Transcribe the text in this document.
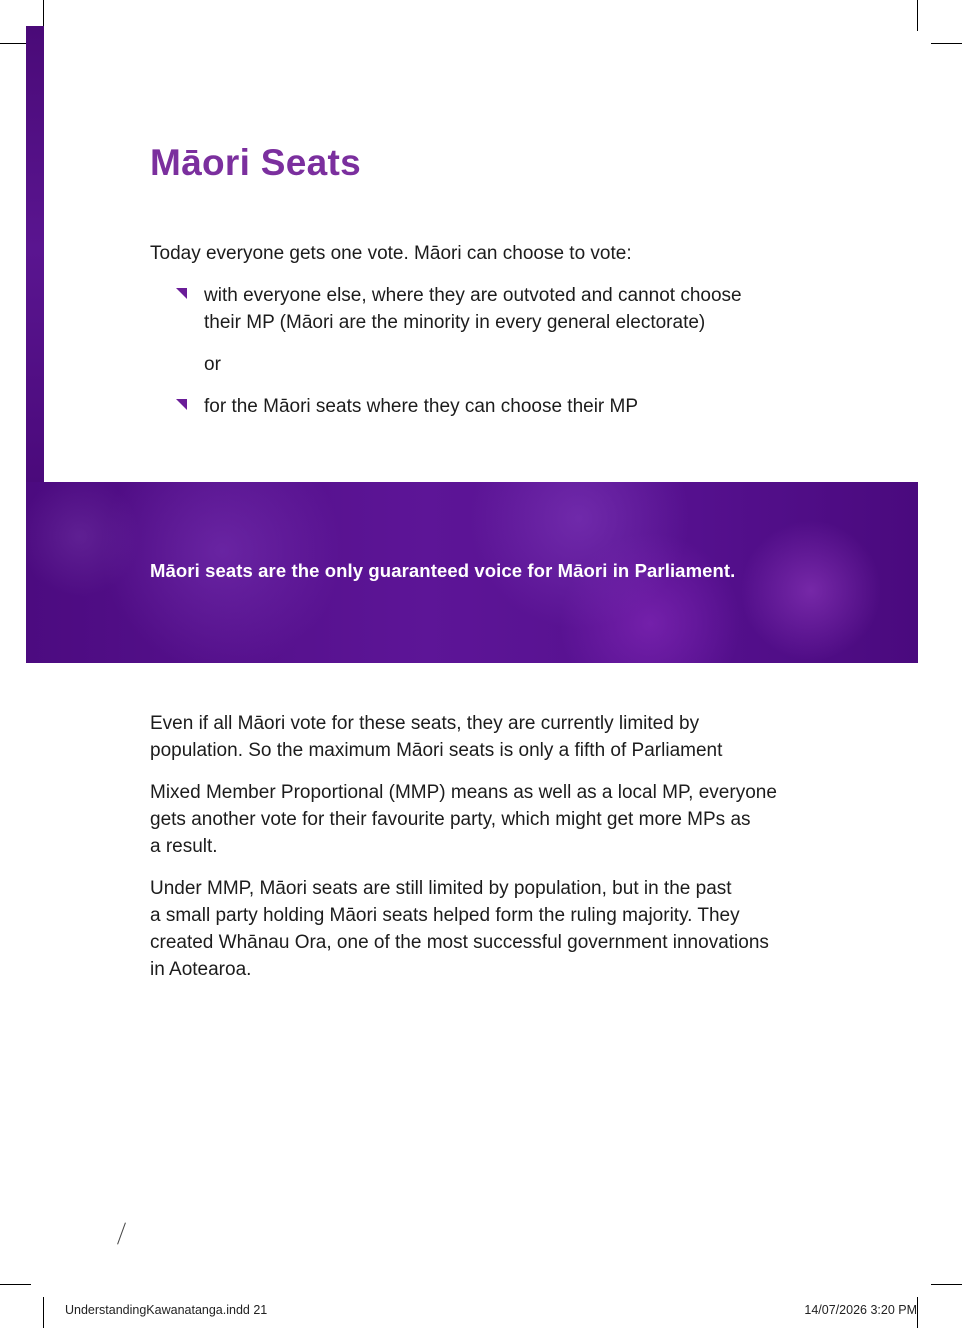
Māori Seats

Today everyone gets one vote. Māori can choose to vote:

with everyone else, where they are outvoted and cannot choose
their MP (Māori are the minority in every general electorate)

or

for the Māori seats where they can choose their MP

Māori seats are the only guaranteed voice for Māori in Parliament.

Even if all Māori vote for these seats, they are currently limited by
population. So the maximum Māori seats is only a fifth of Parliament

Mixed Member Proportional (MMP) means as well as a local MP, everyone
gets another vote for their favourite party, which might get more MPs as
a result.

Under MMP, Māori seats are still limited by population, but in the past
a small party holding Māori seats helped form the ruling majority. They
created Whānau Ora, one of the most successful government innovations
in Aotearoa.

UnderstandingKawanatanga.indd 21	14/07/2026 3:20 PM
